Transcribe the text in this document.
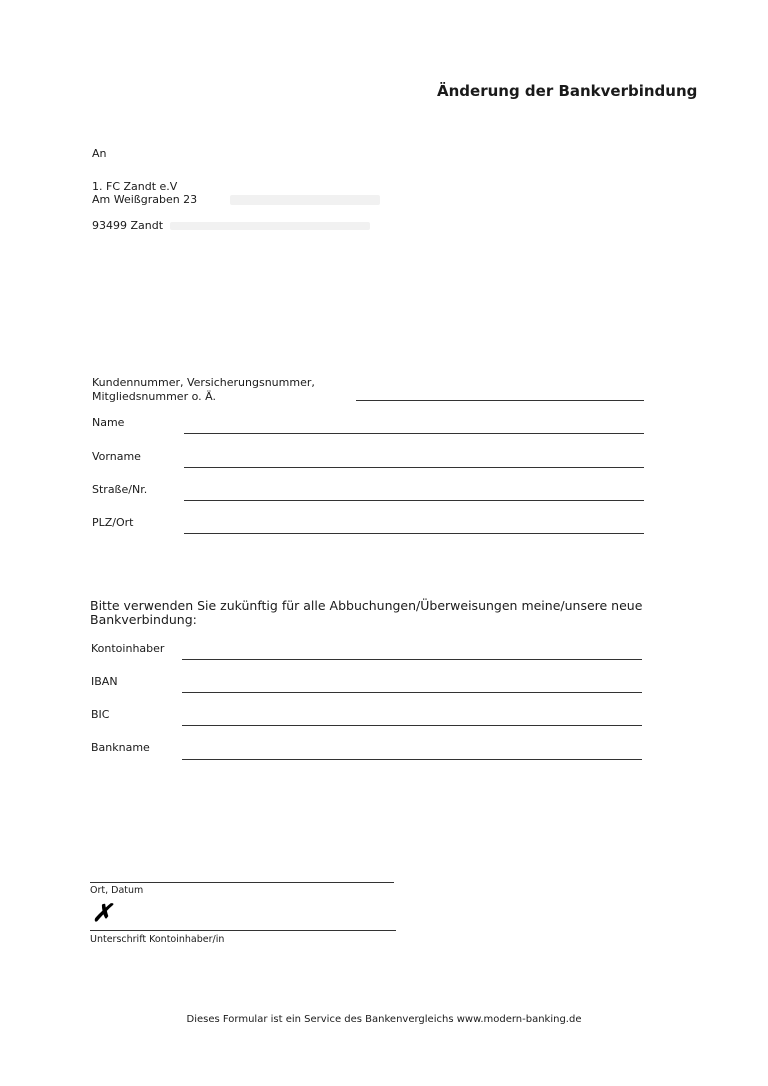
Änderung der Bankverbindung
An
1. FC Zandt e.V
Am Weißgraben 23
93499 Zandt
Kundennummer, Versicherungsnummer, Mitgliedsnummer o. Ä.
Name
Vorname
Straße/Nr.
PLZ/Ort
Bitte verwenden Sie zukünftig für alle Abbuchungen/Überweisungen meine/unsere neue Bankverbindung:
Kontoinhaber
IBAN
BIC
Bankname
Ort, Datum
✗
Unterschrift Kontoinhaber/in
Dieses Formular ist ein Service des Bankenvergleichs www.modern-banking.de
